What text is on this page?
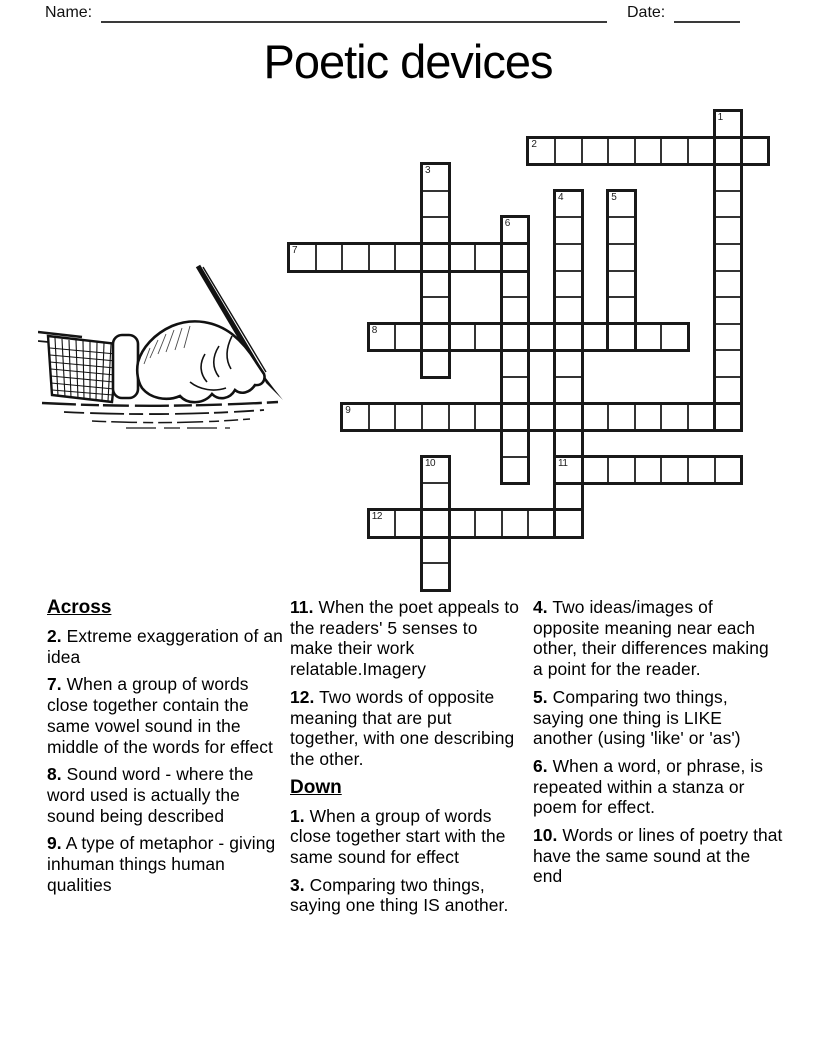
Name:	Date:
Poetic devices
1
2
3
4
11
5
6
7
8
9
10
12
Across
2. Extreme exaggeration of an idea
7. When a group of words close together contain the same vowel sound in the middle of the words for effect
8. Sound word - where the word used is actually the sound being described
9. A type of metaphor - giving inhuman things human qualities
11. When the poet appeals to the readers' 5 senses to make their work relatable.Imagery
12. Two words of opposite meaning that are put together, with one describing the other.
Down
1. When a group of words close together start with the same sound for effect
3. Comparing two things, saying one thing IS another.
4. Two ideas/images of opposite meaning near each other, their differences making a point for the reader.
5. Comparing two things, saying one thing is LIKE another (using 'like' or 'as')
6. When a word, or phrase, is repeated within a stanza or poem for effect.
10. Words or lines of poetry that have the same sound at the end
